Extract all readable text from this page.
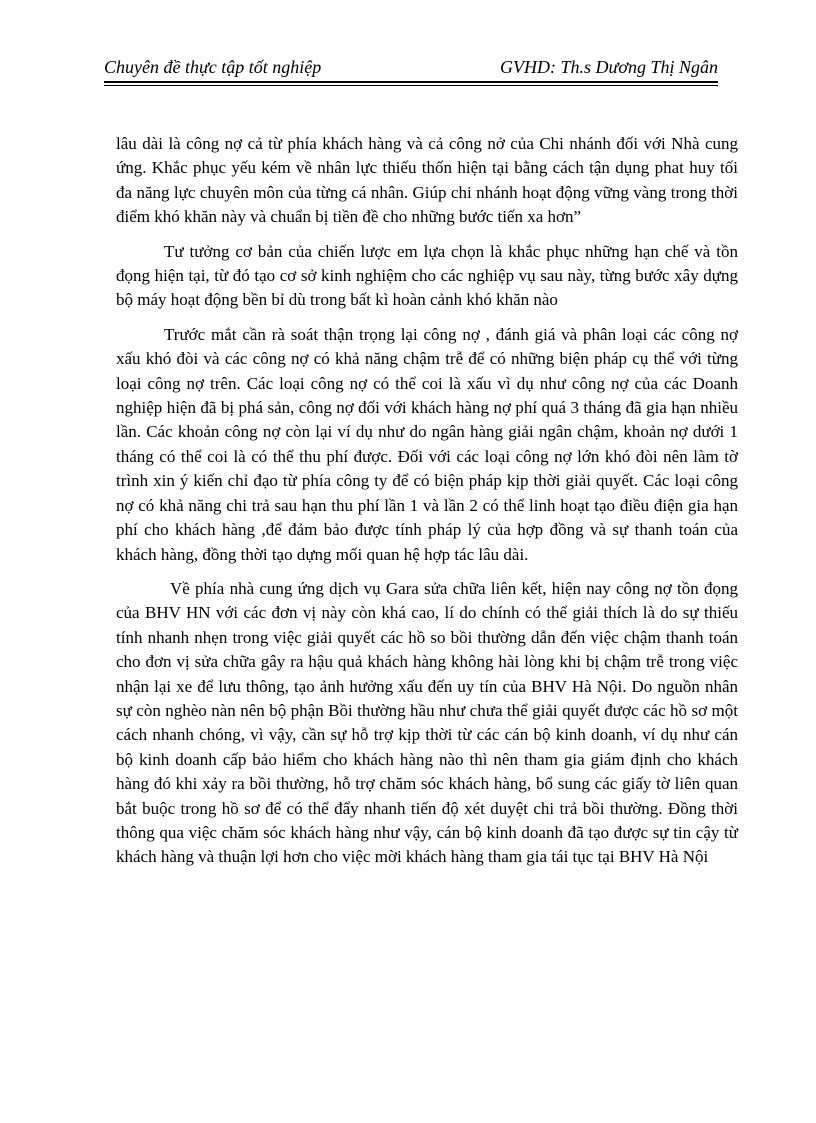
Chuyên đề thực tập tốt nghiệp	GVHD: Th.s Dương Thị Ngân

lâu dài là công nợ cả từ phía khách hàng và cả công nở của Chi nhánh đối với Nhà cung ứng. Khắc phục yếu kém về nhân lực thiếu thốn hiện tại bằng cách tận dụng phat huy tối đa năng lực chuyên môn của từng cá nhân. Giúp chi nhánh hoạt động vững vàng trong thời điểm khó khăn này và chuẩn bị tiền đề cho những bước tiến xa hơn”

Tư tưởng cơ bản của chiến lược em lựa chọn là khắc phục những hạn chế và tồn đọng hiện tại, từ đó tạo cơ sở kinh nghiệm cho các nghiệp vụ sau này, từng bước xây dựng bộ máy hoạt động bền bỉ dù trong bất kì hoàn cảnh khó khăn nào

Trước mắt cần rà soát thận trọng lại công nợ , đánh giá và phân loại các công nợ xấu khó đòi và các công nợ có khả năng chậm trễ để có những biện pháp cụ thể với từng loại công nợ trên. Các loại công nợ có thể coi là xấu vì dụ như công nợ của các Doanh nghiệp hiện đã bị phá sản, công nợ đối với khách hàng nợ phí quá 3 tháng đã gia hạn nhiều lần. Các khoản công nợ còn lại ví dụ như do ngân hàng giải ngân chậm, khoản nợ dưới 1 tháng có thể coi là có thể thu phí được. Đối với các loại công nợ lớn khó đòi nên làm tờ trình xin ý kiến chỉ đạo từ phía công ty để có biện pháp kịp thời giải quyết. Các loại công nợ có khả năng chi trả sau hạn thu phí lần 1 và lần 2 có thể linh hoạt tạo điều điện gia hạn phí cho khách hàng ,để đảm bảo được tính pháp lý của hợp đồng và sự thanh toán của khách hàng, đồng thời tạo dựng mối quan hệ hợp tác lâu dài.

Về phía nhà cung ứng dịch vụ Gara sửa chữa liên kết, hiện nay công nợ tồn đọng của BHV HN với các đơn vị này còn khá cao, lí do chính có thể giải thích là do sự thiếu tính nhanh nhẹn trong việc giải quyết các hồ so bồi thường dẫn đến việc chậm thanh toán cho đơn vị sửa chữa gây ra hậu quả khách hàng không hài lòng khi bị chậm trễ trong việc nhận lại xe để lưu thông, tạo ảnh hưởng xấu đến uy tín của BHV Hà Nội. Do nguồn nhân sự còn nghèo nàn nên bộ phận Bồi thường hầu như chưa thể giải quyết được các hồ sơ một cách nhanh chóng, vì vậy, cần sự hỗ trợ kịp thời từ các cán bộ kinh doanh, ví dụ như cán bộ kinh doanh cấp bảo hiểm cho khách hàng nào thì nên tham gia giám định cho khách hàng đó khi xảy ra bồi thường, hỗ trợ chăm sóc khách hàng, bổ sung các giấy tờ liên quan bắt buộc trong hồ sơ để có thể đẩy nhanh tiến độ xét duyệt chi trả bồi thường. Đồng thời thông qua việc chăm sóc khách hàng như vậy, cán bộ kinh doanh đã tạo được sự tin cậy từ khách hàng và thuận lợi hơn cho việc mời khách hàng tham gia tái tục tại BHV Hà Nội
